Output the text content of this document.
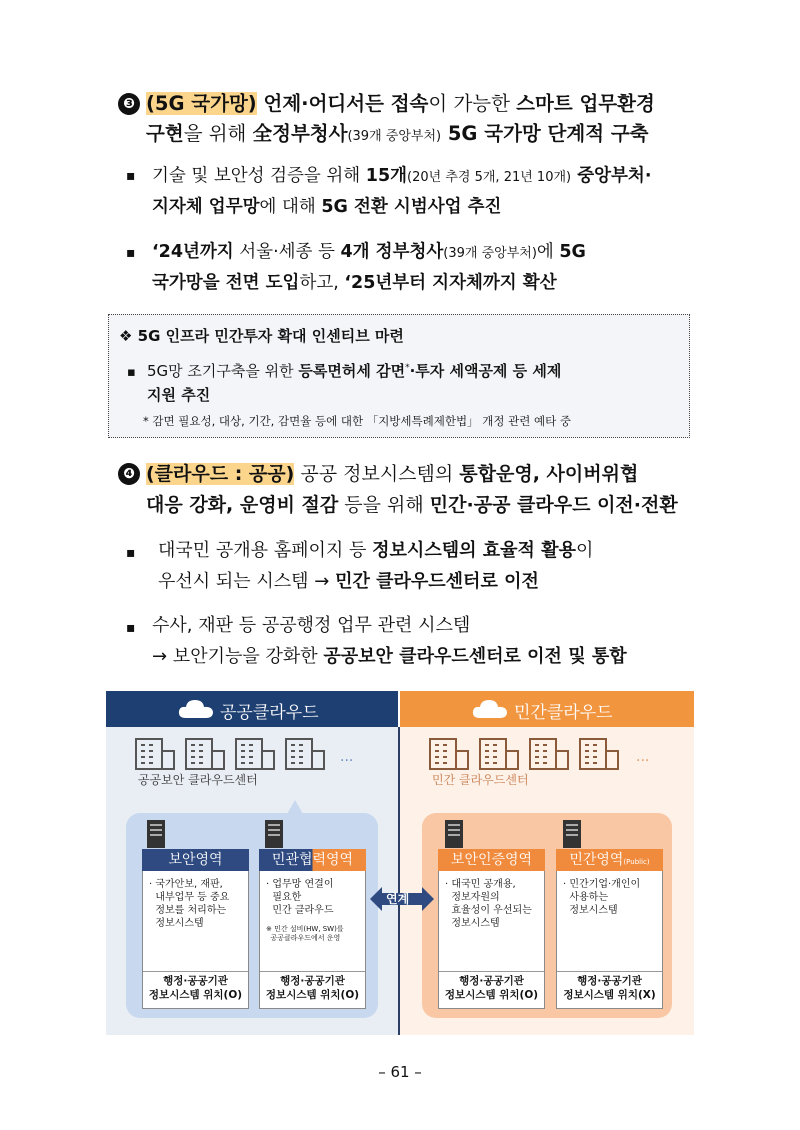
❸ (5G 국가망) 언제·어디서든 접속이 가능한 스마트 업무환경
구현을 위해 全정부청사(39개 중앙부처) 5G 국가망 단계적 구축
▪ 기술 및 보안성 검증을 위해 15개(20년 추경 5개, 21년 10개) 중앙부처·
지자체 업무망에 대해 5G 전환 시범사업 추진
▪ ‘24년까지 서울·세종 등 4개 정부청사(39개 중앙부처)에 5G
국가망을 전면 도입하고, ‘25년부터 지자체까지 확산
❖ 5G 인프라 민간투자 확대 인센티브 마련
▪ 5G망 조기구축을 위한 등록면허세 감면*·투자 세액공제 등 세제
지원 추진
* 감면 필요성, 대상, 기간, 감면율 등에 대한 「지방세특례제한법」 개정 관련 예타 중
❹ (클라우드 : 공공) 공공 정보시스템의 통합운영, 사이버위협
대응 강화, 운영비 절감 등을 위해 민간·공공 클라우드 이전·전환
▪ 대국민 공개용 홈페이지 등 정보시스템의 효율적 활용이
우선시 되는 시스템 → 민간 클라우드센터로 이전
▪ 수사, 재판 등 공공행정 업무 관련 시스템
→ 보안기능을 강화한 공공보안 클라우드센터로 이전 및 통합
공공클라우드	민간클라우드
...
공공보안 클라우드센터
...
민간 클라우드센터
보안영역
· 국가안보, 재판,
내부업무 등 중요
정보를 처리하는
정보시스템
행정·공공기관
정보시스템 위치(O)
민관협력영역
· 업무망 연결이
필요한
민간 클라우드
※ 민간 설비(HW, SW)를
공공클라우드에서 운영
행정·공공기관
정보시스템 위치(O)
연계
보안인증영역
· 대국민 공개용,
정보자원의
효율성이 우선되는
정보시스템
행정·공공기관
정보시스템 위치(O)
민간영역(Public)
· 민간기업·개인이
사용하는
정보시스템
행정·공공기관
정보시스템 위치(X)
– 61 –
